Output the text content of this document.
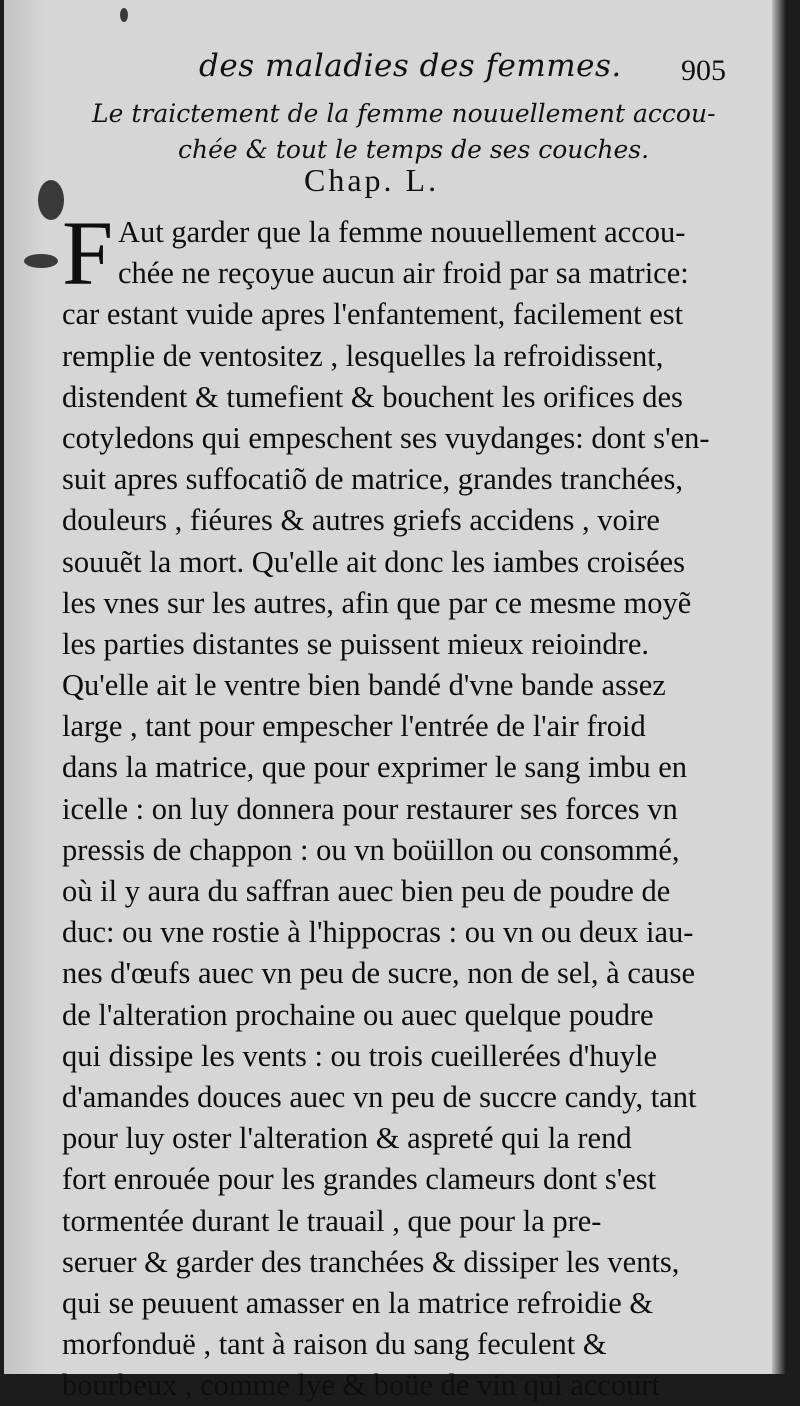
des maladies des femmes. 905
Le traictement de la femme nouuellement accou-
chée & tout le temps de ses couches.
Chap. L.
F Aut garder que la femme nouuellement accou-
chée ne reçoyue aucun air froid par sa matrice:
car estant vuide apres l'enfantement, facilement est
remplie de ventositez , lesquelles la refroidissent,
distendent & tumefient & bouchent les orifices des
cotyledons qui empeschent ses vuydanges: dont s'en-
suit apres suffocatiõ de matrice, grandes tranchées,
douleurs , fiéures & autres griefs accidens , voire
souuẽt la mort. Qu'elle ait donc les iambes croisées
les vnes sur les autres, afin que par ce mesme moyẽ
les parties distantes se puissent mieux reioindre.
Qu'elle ait le ventre bien bandé d'vne bande assez
large , tant pour empescher l'entrée de l'air froid
dans la matrice, que pour exprimer le sang imbu en
icelle : on luy donnera pour restaurer ses forces vn
pressis de chappon : ou vn boüillon ou consommé,
où il y aura du saffran auec bien peu de poudre de
duc: ou vne rostie à l'hippocras : ou vn ou deux iau-
nes d'œufs auec vn peu de sucre, non de sel, à cause
de l'alteration prochaine ou auec quelque poudre
qui dissipe les vents : ou trois cueillerées d'huyle
d'amandes douces auec vn peu de succre candy, tant
pour luy oster l'alteration & aspreté qui la rend
fort enrouée pour les grandes clameurs dont s'est
tormentée durant le trauail , que pour la pre-
seruer & garder des tranchées & dissiper les vents,
qui se peuuent amasser en la matrice refroidie &
morfonduë , tant à raison du sang feculent &
bourbeux , comme lye & boüe de vin qui accourt
